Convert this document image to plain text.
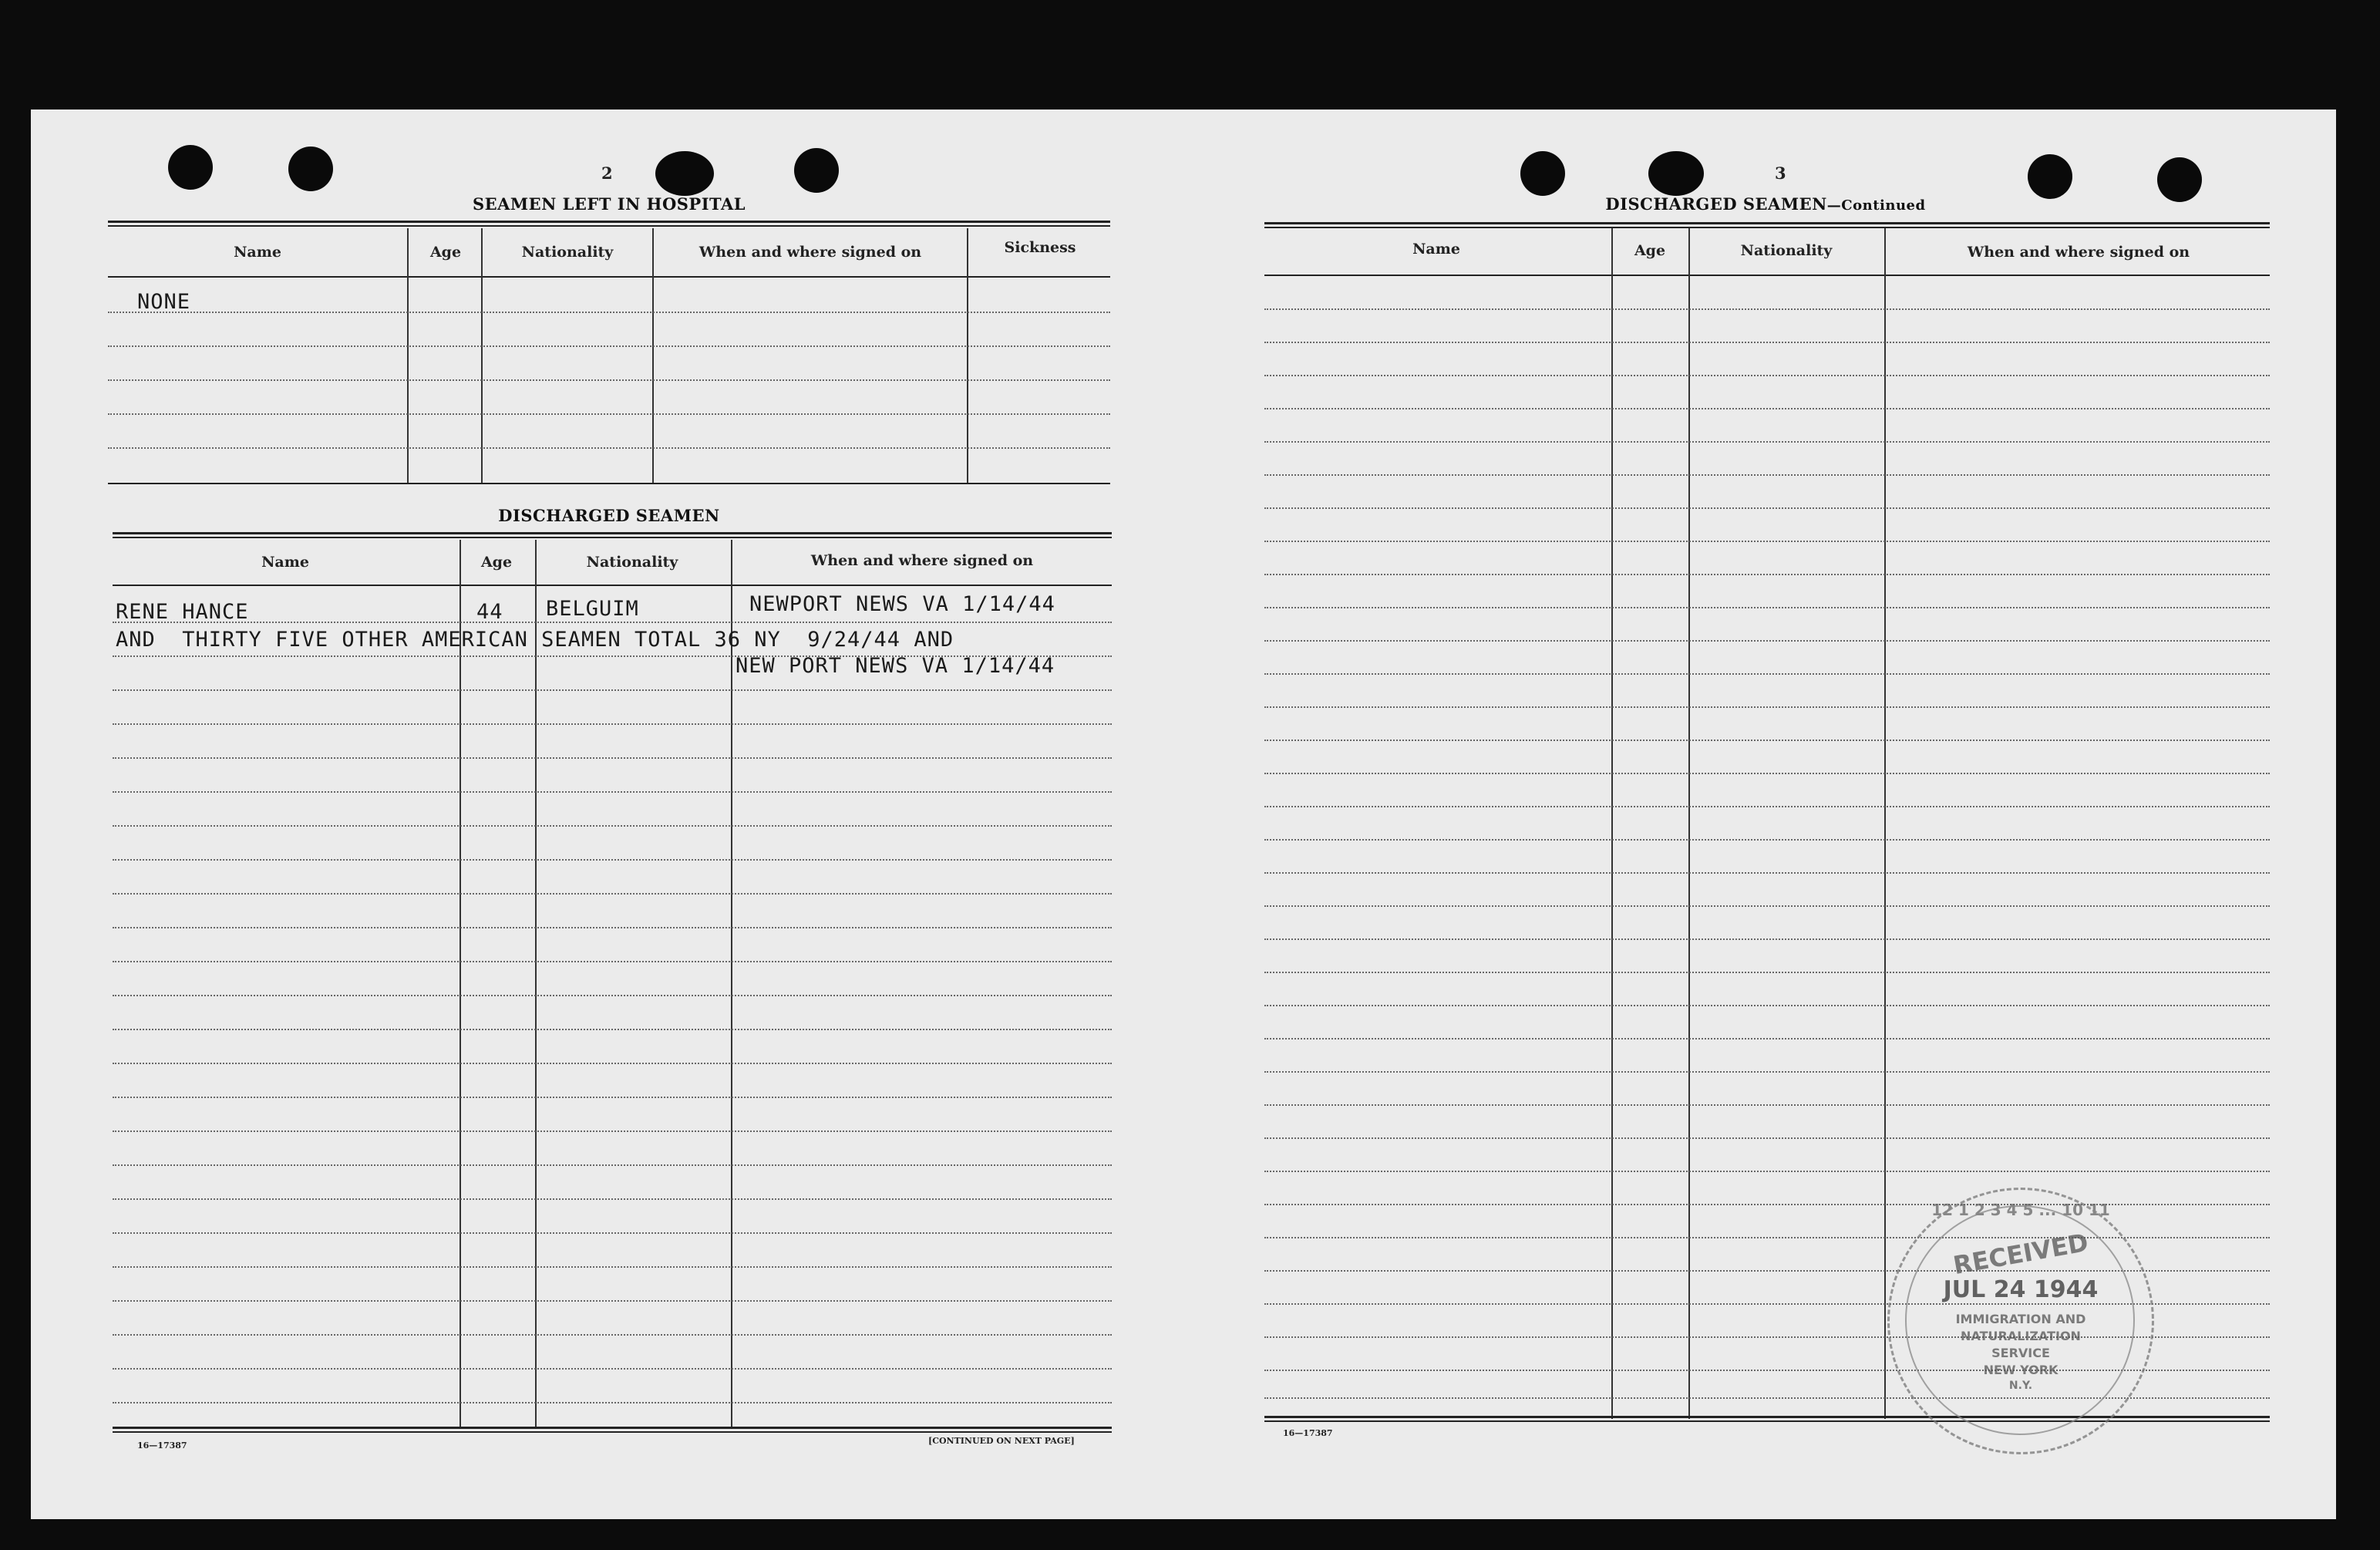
2
SEAMEN LEFT IN HOSPITAL
Name	Age	Nationality	When and where signed on	Sickness
NONE
DISCHARGED SEAMEN
Name	Age	Nationality	When and where signed on
RENE HANCE	44 BELGUIM	NEWPORT NEWS VA 1/14/44
AND  THIRTY FIVE OTHER AMERICAN SEAMEN TOTAL 36 NY  9/24/44 AND
NEW PORT NEWS VA 1/14/44
16—17387	[CONTINUED ON NEXT PAGE]
3
DISCHARGED SEAMEN—Continued
Name	Age	Nationality	When and where signed on
16—17387
RECEIVED
JUL 24 1944
IMMIGRATION AND
NATURALIZATION
SERVICE
NEW YORK
N.Y.
12 1 2 3 4 5 ... 10 11
